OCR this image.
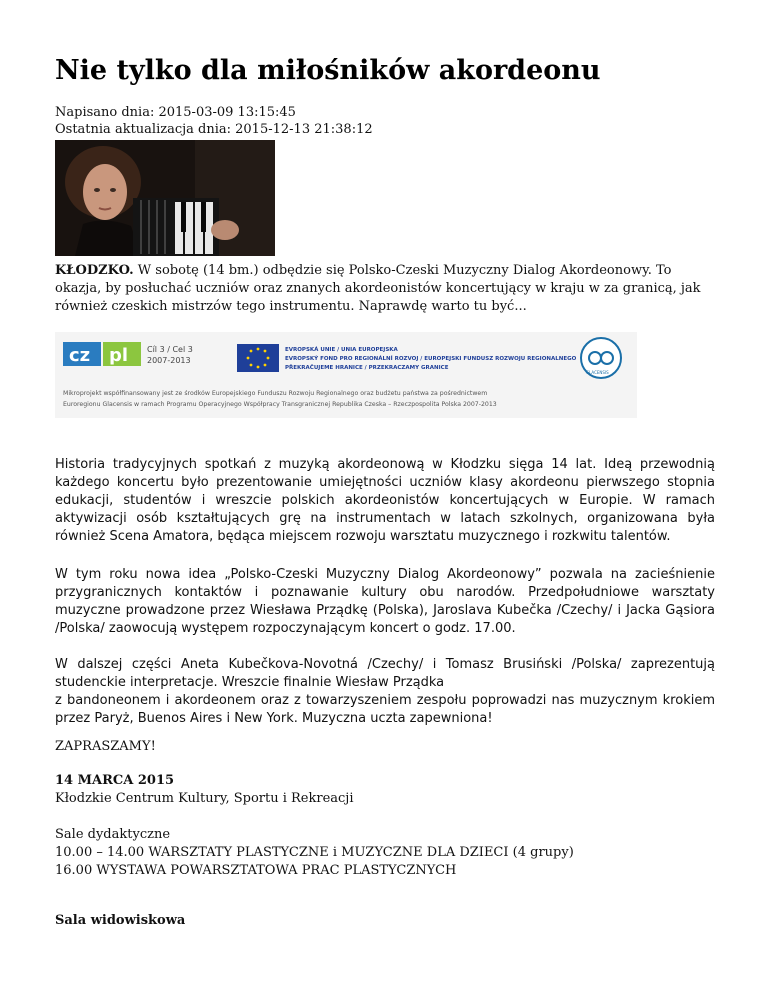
Nie tylko dla miłośników akordeonu
Napisano dnia: 2015-03-09 13:15:45
Ostatnia aktualizacja dnia: 2015-12-13 21:38:12
KŁODZKO. W sobotę (14 bm.) odbędzie się Polsko-Czeski Muzyczny Dialog Akordeonowy. To okazja, by posłuchać uczniów oraz znanych akordeonistów koncertujący w kraju w za granicą, jak również czeskich mistrzów tego instrumentu. Naprawdę warto tu być...
cz pl Cíl 3 / Cel 3
2007-2013
EVROPSKÁ UNIE / UNIA EUROPEJSKA
EVROPSKÝ FOND PRO REGIONÁLNÍ ROZVOJ / EUROPEJSKI FUNDUSZ ROZWOJU REGIONALNEGO
PŘEKRAČUJEME HRANICE / PRZEKRACZAMY GRANICE
GLACENSIS
Mikroprojekt współfinansowany jest ze środków Europejskiego Funduszu Rozwoju Regionalnego oraz budżetu państwa za pośrednictwem
Euroregionu Glacensis w ramach Programu Operacyjnego Współpracy Transgranicznej Republika Czeska – Rzeczpospolita Polska 2007-2013
Historia tradycyjnych spotkań z muzyką akordeonową w Kłodzku sięga 14 lat. Ideą przewodnią każdego koncertu było prezentowanie umiejętności uczniów klasy akordeonu pierwszego stopnia edukacji, studentów i wreszcie polskich akordeonistów koncertujących w Europie. W ramach aktywizacji osób kształtujących grę na instrumentach w latach szkolnych, organizowana była również Scena Amatora, będąca miejscem rozwoju warsztatu muzycznego i rozkwitu talentów.
W tym roku nowa idea „Polsko-Czeski Muzyczny Dialog Akordeonowy” pozwala na zacieśnienie przygranicznych kontaktów i poznawanie kultury obu narodów. Przedpołudniowe warsztaty muzyczne prowadzone przez Wiesława Prządkę (Polska), Jaroslava Kubečka /Czechy/ i Jacka Gąsiora /Polska/ zaowocują występem rozpoczynającym koncert o godz. 17.00.
W dalszej części Aneta Kubečkova-Novotná /Czechy/ i Tomasz Brusiński /Polska/ zaprezentują studenckie interpretacje. Wreszcie finalnie Wiesław Prządka
z bandoneonem i akordeonem oraz z towarzyszeniem zespołu poprowadzi nas muzycznym krokiem przez Paryż, Buenos Aires i New York. Muzyczna uczta zapewniona!
ZAPRASZAMY!
14 MARCA 2015
Kłodzkie Centrum Kultury, Sportu i Rekreacji
Sale dydaktyczne
10.00 – 14.00 WARSZTATY PLASTYCZNE i MUZYCZNE DLA DZIECI (4 grupy)
16.00 WYSTAWA POWARSZTATOWA PRAC PLASTYCZNYCH
Sala widowiskowa
